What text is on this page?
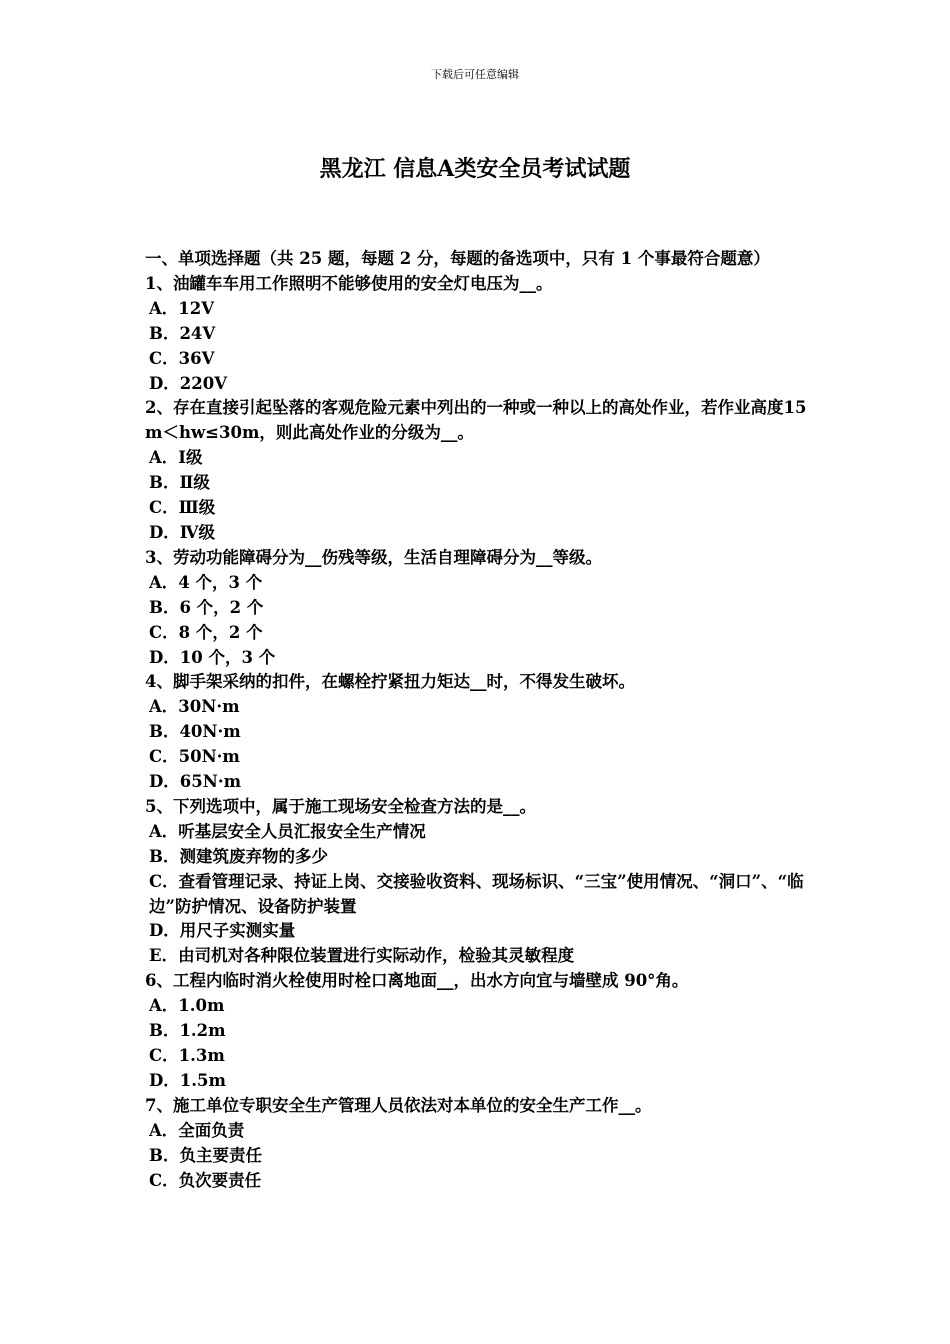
下载后可任意编辑
黑龙江 信息A类安全员考试试题

一、单项选择题（共 25 题，每题 2 分，每题的备选项中，只有 1 个事最符合题意）

1、油罐车车用工作照明不能够使用的安全灯电压为__。

A．12V

B．24V

C．36V

D．220V

2、存在直接引起坠落的客观危险元素中列出的一种或一种以上的高处作业，若作业高度15m＜hw≤30m，则此高处作业的分级为__。

A．Ⅰ级

B．Ⅱ级

C．Ⅲ级

D．Ⅳ级

3、劳动功能障碍分为__伤残等级，生活自理障碍分为__等级。

A．4 个，3 个

B．6 个，2 个

C．8 个，2 个

D．10 个，3 个

4、脚手架采纳的扣件，在螺栓拧紧扭力矩达__时，不得发生破坏。

A．30N·m

B．40N·m

C．50N·m

D．65N·m

5、下列选项中，属于施工现场安全检查方法的是__。

A．听基层安全人员汇报安全生产情况

B．测建筑废弃物的多少

C．查看管理记录、持证上岗、交接验收资料、现场标识、“三宝”使用情况、“洞口”、“临边”防护情况、设备防护装置

D．用尺子实测实量

E．由司机对各种限位装置进行实际动作，检验其灵敏程度

6、工程内临时消火栓使用时栓口离地面__，出水方向宜与墙壁成 90°角。

A．1.0m

B．1.2m

C．1.3m

D．1.5m

7、施工单位专职安全生产管理人员依法对本单位的安全生产工作__。

A．全面负责

B．负主要责任

C．负次要责任
